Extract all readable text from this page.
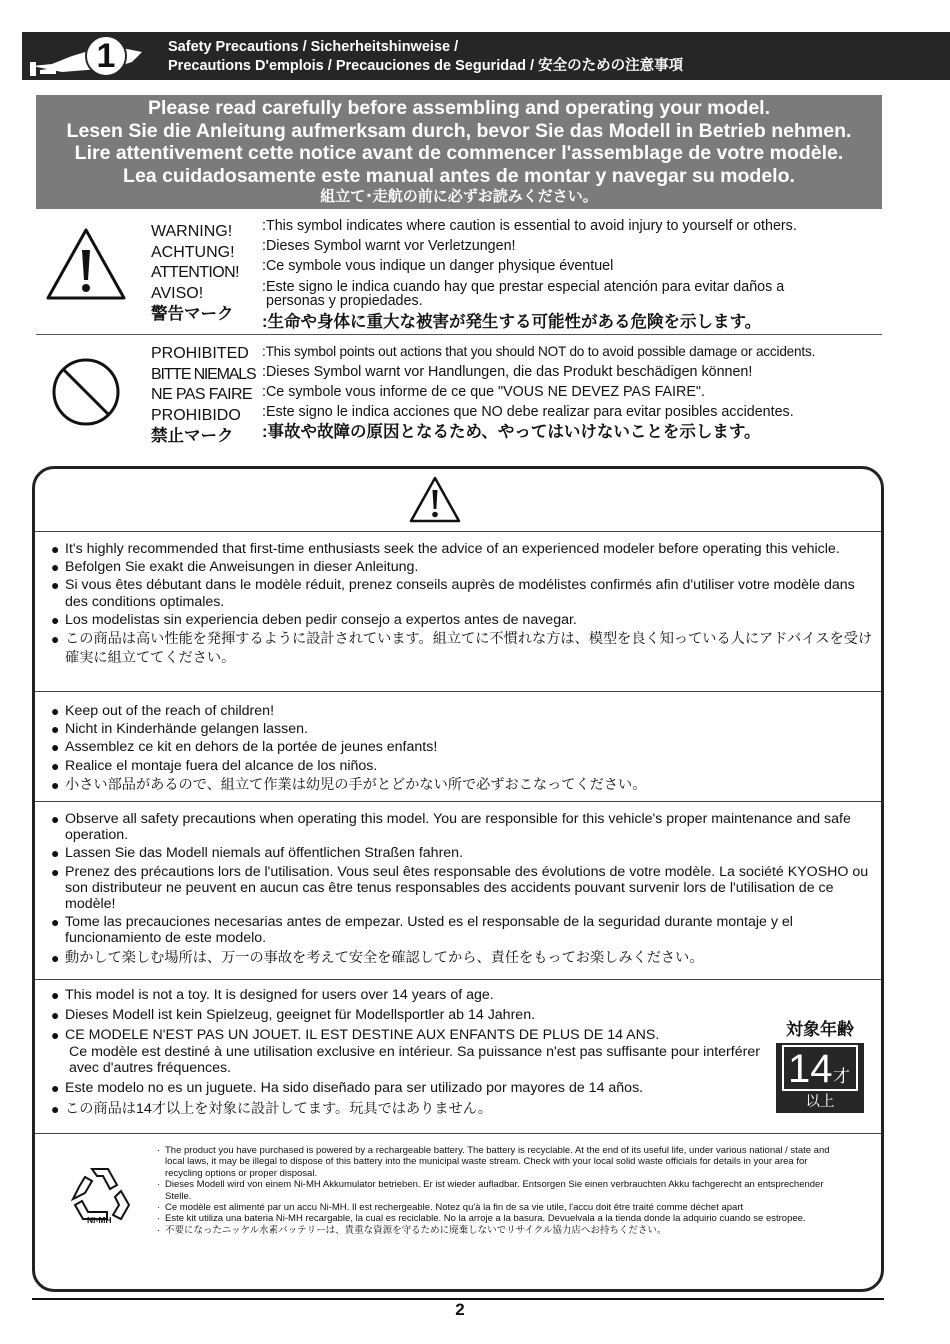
1	Safety Precautions / Sicherheitshinweise /
Precautions D'emplois / Precauciones de Seguridad / 安全のための注意事項
Please read carefully before assembling and operating your model.
Lesen Sie die Anleitung aufmerksam durch, bevor Sie das Modell in Betrieb nehmen.
Lire attentivement cette notice avant de commencer l'assemblage de votre modèle.
Lea cuidadosamente este manual antes de montar y navegar su modelo.
組立て･走航の前に必ずお読みください。
WARNING!
ACHTUNG!
ATTENTION!
AVISO!
警告マーク
:This symbol indicates where caution is essential to avoid injury to yourself or others.
:Dieses Symbol warnt vor Verletzungen!
:Ce symbole vous indique un danger physique éventuel
:Este signo le indica cuando hay que prestar especial atención para evitar daños a
personas y propiedades.
:生命や身体に重大な被害が発生する可能性がある危険を示します。
PROHIBITED
BITTE NIEMALS
NE PAS FAIRE
PROHIBIDO
禁止マーク
:This symbol points out actions that you should NOT do to avoid possible damage or accidents.
:Dieses Symbol warnt vor Handlungen, die das Produkt beschädigen können!
:Ce symbole vous informe de ce que "VOUS NE DEVEZ PAS FAIRE".
:Este signo le indica acciones que NO debe realizar para evitar posibles accidentes.
:事故や故障の原因となるため、やってはいけないことを示します。
● It's highly recommended that first-time enthusiasts seek the advice of an experienced modeler before operating this vehicle.
● Befolgen Sie exakt die Anweisungen in dieser Anleitung.
● Si vous êtes débutant dans le modèle réduit, prenez conseils auprès de modélistes confirmés afin d'utiliser votre modèle dans des conditions optimales.
● Los modelistas sin experiencia deben pedir consejo a expertos antes de navegar.
● この商品は高い性能を発揮するように設計されています。組立てに不慣れな方は、模型を良く知っている人にアドバイスを受け確実に組立ててください。
● Keep out of the reach of children!
● Nicht in Kinderhände gelangen lassen.
● Assemblez ce kit en dehors de la portée de jeunes enfants!
● Realice el montaje fuera del alcance de los niños.
● 小さい部品があるので、組立て作業は幼児の手がとどかない所で必ずおこなってください。
● Observe all safety precautions when operating this model. You are responsible for this vehicle's proper maintenance and safe operation.
● Lassen Sie das Modell niemals auf öffentlichen Straßen fahren.
● Prenez des précautions lors de l'utilisation. Vous seul êtes responsable des évolutions de votre modèle. La société KYOSHO ou son distributeur ne peuvent en aucun cas être tenus responsables des accidents pouvant survenir lors de l'utilisation de ce modèle!
● Tome las precauciones necesarias antes de empezar. Usted es el responsable de la seguridad durante montaje y el funcionamiento de este modelo.
● 動かして楽しむ場所は、万一の事故を考えて安全を確認してから、責任をもってお楽しみください。
● This model is not a toy. It is designed for users over 14 years of age.
● Dieses Modell ist kein Spielzeug, geeignet für Modellsportler ab 14 Jahren.
● CE MODELE N'EST PAS UN JOUET. IL EST DESTINE AUX ENFANTS DE PLUS DE 14 ANS.
Ce modèle est destiné à une utilisation exclusive en intérieur. Sa puissance n'est pas suffisante pour interférer avec d'autres fréquences.
● Este modelo no es un juguete. Ha sido diseñado para ser utilizado por mayores de 14 años.
● この商品は14才以上を対象に設計してます。玩具ではありません。
対象年齢
14 才
以上
Ni-MH
· The product you have purchased is powered by a rechargeable battery. The battery is recyclable. At the end of its useful life, under various national / state and local laws, it may be illegal to dispose of this battery into the municipal waste stream. Check with your local solid waste officials for details in your area for recycling options or proper disposal.
· Dieses Modell wird von einem Ni-MH Akkumulator betrieben. Er ist wieder aufladbar. Entsorgen Sie einen verbrauchten Akku fachgerecht an entsprechender Stelle.
· Ce modèle est alimenté par un accu Ni-MH. Il est rechergeable. Notez qu'à la fin de sa vie utile, l'accu doit être traité comme déchet apart
· Este kit utiliza una bateria Ni-MH recargable, la cual es reciclable. No la arroje a la basura. Devuelvala a la tienda donde la adquirio cuando se estropee.
· 不要になったニッケル水素バッテリーは、貴重な資源を守るために廃棄しないでリサイクル協力店へお持ちください。
2
